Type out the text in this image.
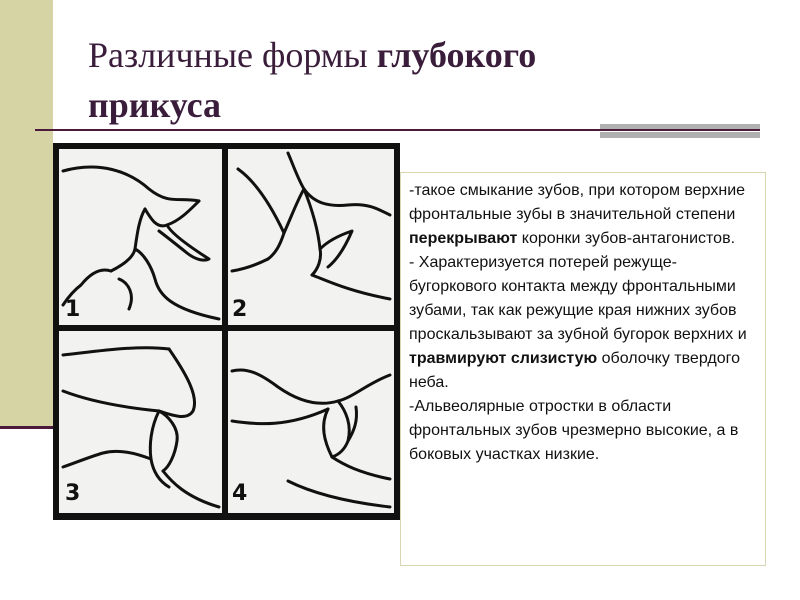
Различные формы глубокого
прикуса
1	2
3	4

-такое смыкание зубов, при котором верхние фронтальные зубы в значительной степени перекрывают коронки зубов-антагонистов.

- Характеризуется потерей режуще-бугоркового контакта между фронтальными зубами, так как режущие края нижних зубов проскальзывают за зубной бугорок верхних и травмируют слизистую оболочку твердого неба.

-Альвеолярные отростки в области фронтальных зубов чрезмерно высокие, а в боковых участках низкие.
